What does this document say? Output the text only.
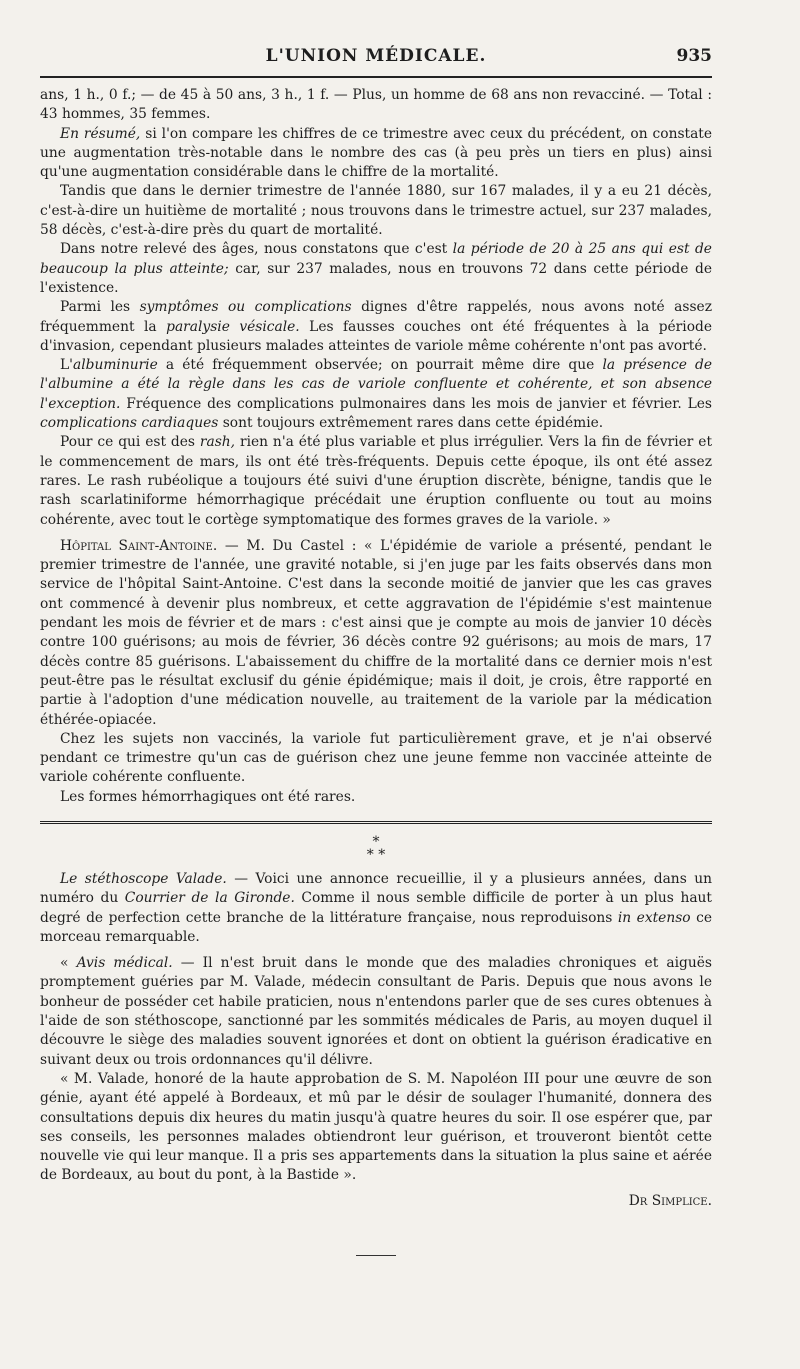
L'UNION MÉDICALE.	935

ans, 1 h., 0 f.; — de 45 à 50 ans, 3 h., 1 f. — Plus, un homme de 68 ans non revacciné. — Total : 43 hommes, 35 femmes.

En résumé, si l'on compare les chiffres de ce trimestre avec ceux du précédent, on constate une augmentation très-notable dans le nombre des cas (à peu près un tiers en plus) ainsi qu'une augmentation considérable dans le chiffre de la mortalité.

Tandis que dans le dernier trimestre de l'année 1880, sur 167 malades, il y a eu 21 décès, c'est-à-dire un huitième de mortalité ; nous trouvons dans le trimestre actuel, sur 237 malades, 58 décès, c'est-à-dire près du quart de mortalité.

Dans notre relevé des âges, nous constatons que c'est la période de 20 à 25 ans qui est de beaucoup la plus atteinte; car, sur 237 malades, nous en trouvons 72 dans cette période de l'existence.

Parmi les symptômes ou complications dignes d'être rappelés, nous avons noté assez fréquemment la paralysie vésicale. Les fausses couches ont été fréquentes à la période d'invasion, cependant plusieurs malades atteintes de variole même cohérente n'ont pas avorté.

L'albuminurie a été fréquemment observée; on pourrait même dire que la présence de l'albumine a été la règle dans les cas de variole confluente et cohérente, et son absence l'exception. Fréquence des complications pulmonaires dans les mois de janvier et février. Les complications cardiaques sont toujours extrêmement rares dans cette épidémie.

Pour ce qui est des rash, rien n'a été plus variable et plus irrégulier. Vers la fin de février et le commencement de mars, ils ont été très-fréquents. Depuis cette époque, ils ont été assez rares. Le rash rubéolique a toujours été suivi d'une éruption discrète, bénigne, tandis que le rash scarlatiniforme hémorrhagique précédait une éruption confluente ou tout au moins cohérente, avec tout le cortège symptomatique des formes graves de la variole. »

Hôpital Saint-Antoine. — M. Du Castel : « L'épidémie de variole a présenté, pendant le premier trimestre de l'année, une gravité notable, si j'en juge par les faits observés dans mon service de l'hôpital Saint-Antoine. C'est dans la seconde moitié de janvier que les cas graves ont commencé à devenir plus nombreux, et cette aggravation de l'épidémie s'est maintenue pendant les mois de février et de mars : c'est ainsi que je compte au mois de janvier 10 décès contre 100 guérisons; au mois de février, 36 décès contre 92 guérisons; au mois de mars, 17 décès contre 85 guérisons. L'abaissement du chiffre de la mortalité dans ce dernier mois n'est peut-être pas le résultat exclusif du génie épidémique; mais il doit, je crois, être rapporté en partie à l'adoption d'une médication nouvelle, au traitement de la variole par la médication éthérée-opiacée.

Chez les sujets non vaccinés, la variole fut particulièrement grave, et je n'ai observé pendant ce trimestre qu'un cas de guérison chez une jeune femme non vaccinée atteinte de variole cohérente confluente.

Les formes hémorrhagiques ont été rares.

*
* *

Le stéthoscope Valade. — Voici une annonce recueillie, il y a plusieurs années, dans un numéro du Courrier de la Gironde. Comme il nous semble difficile de porter à un plus haut degré de perfection cette branche de la littérature française, nous reproduisons in extenso ce morceau remarquable.

« Avis médical. — Il n'est bruit dans le monde que des maladies chroniques et aiguës promptement guéries par M. Valade, médecin consultant de Paris. Depuis que nous avons le bonheur de posséder cet habile praticien, nous n'entendons parler que de ses cures obtenues à l'aide de son stéthoscope, sanctionné par les sommités médicales de Paris, au moyen duquel il découvre le siège des maladies souvent ignorées et dont on obtient la guérison éradicative en suivant deux ou trois ordonnances qu'il délivre.

« M. Valade, honoré de la haute approbation de S. M. Napoléon III pour une œuvre de son génie, ayant été appelé à Bordeaux, et mû par le désir de soulager l'humanité, donnera des consultations depuis dix heures du matin jusqu'à quatre heures du soir. Il ose espérer que, par ses conseils, les personnes malades obtiendront leur guérison, et trouveront bientôt cette nouvelle vie qui leur manque. Il a pris ses appartements dans la situation la plus saine et aérée de Bordeaux, au bout du pont, à la Bastide ».

Dr Simplice.
